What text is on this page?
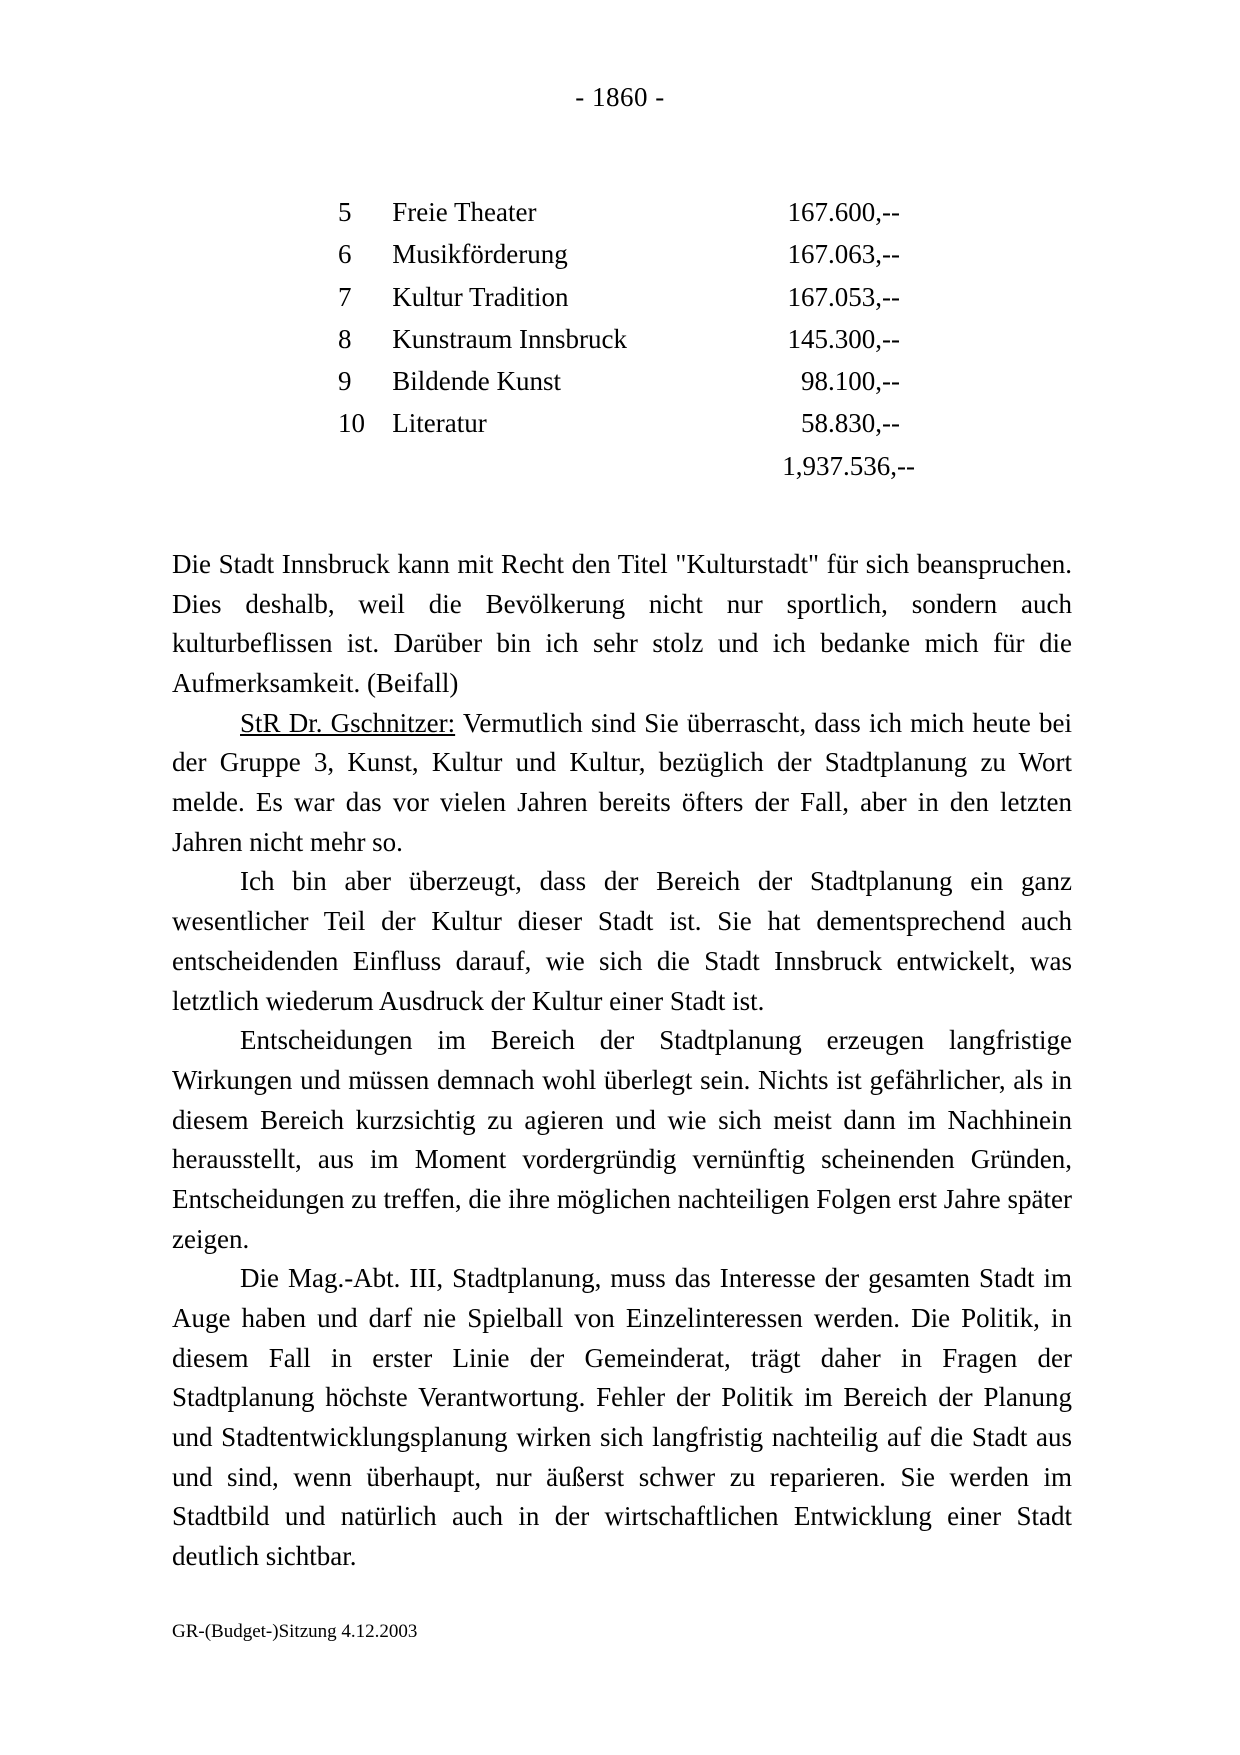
- 1860 -
5	Freie Theater	167.600,--
6	Musikförderung	167.063,--
7	Kultur Tradition	167.053,--
8	Kunstraum Innsbruck	145.300,--
9	Bildende Kunst	98.100,--
10	Literatur	58.830,--
		1,937.536,--

Die Stadt Innsbruck kann mit Recht den Titel "Kulturstadt" für sich beanspruchen. Dies deshalb, weil die Bevölkerung nicht nur sportlich, sondern auch kulturbeflissen ist. Darüber bin ich sehr stolz und ich bedanke mich für die Aufmerksamkeit. (Beifall)

StR Dr. Gschnitzer: Vermutlich sind Sie überrascht, dass ich mich heute bei der Gruppe 3, Kunst, Kultur und Kultur, bezüglich der Stadtplanung zu Wort melde. Es war das vor vielen Jahren bereits öfters der Fall, aber in den letzten Jahren nicht mehr so.

Ich bin aber überzeugt, dass der Bereich der Stadtplanung ein ganz wesentlicher Teil der Kultur dieser Stadt ist. Sie hat dementsprechend auch entscheidenden Einfluss darauf, wie sich die Stadt Innsbruck entwickelt, was letztlich wiederum Ausdruck der Kultur einer Stadt ist.

Entscheidungen im Bereich der Stadtplanung erzeugen langfristige Wirkungen und müssen demnach wohl überlegt sein. Nichts ist gefährlicher, als in diesem Bereich kurzsichtig zu agieren und wie sich meist dann im Nachhinein herausstellt, aus im Moment vordergründig vernünftig scheinenden Gründen, Entscheidungen zu treffen, die ihre möglichen nachteiligen Folgen erst Jahre später zeigen.

Die Mag.-Abt. III, Stadtplanung, muss das Interesse der gesamten Stadt im Auge haben und darf nie Spielball von Einzelinteressen werden. Die Politik, in diesem Fall in erster Linie der Gemeinderat, trägt daher in Fragen der Stadtplanung höchste Verantwortung. Fehler der Politik im Bereich der Planung und Stadtentwicklungsplanung wirken sich langfristig nachteilig auf die Stadt aus und sind, wenn überhaupt, nur äußerst schwer zu reparieren. Sie werden im Stadtbild und natürlich auch in der wirtschaftlichen Entwicklung einer Stadt deutlich sichtbar.

GR-(Budget-)Sitzung 4.12.2003
